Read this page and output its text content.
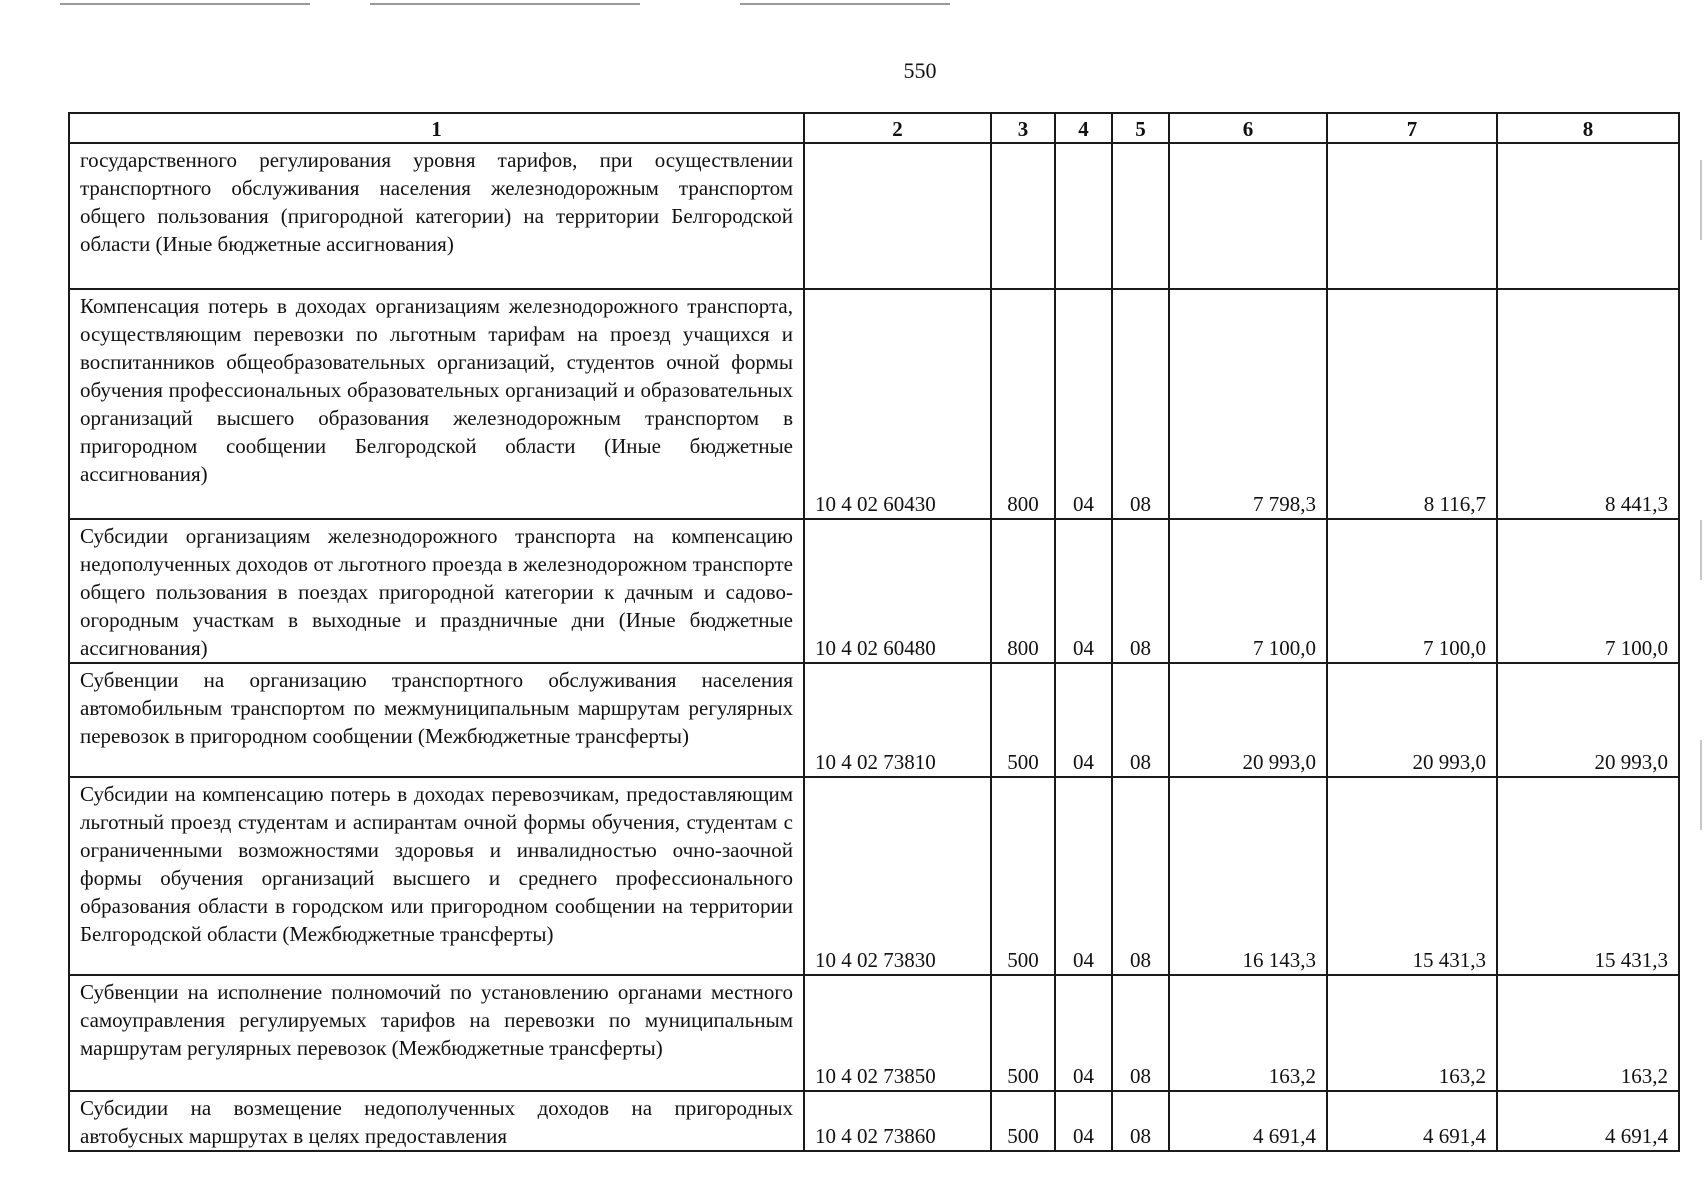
550
1	2	3	4	5	6	7	8
государственного регулирования уровня тарифов, при осуществлении транспортного обслуживания населения железнодорожным транспортом общего пользования (пригородной категории) на территории Белгородской области (Иные бюджетные ассигнования)							
Компенсация потерь в доходах организациям железнодорожного транспорта, осуществляющим перевозки по льготным тарифам на проезд учащихся и воспитанников общеобразовательных организаций, студентов очной формы обучения профессиональных образовательных организаций и образовательных организаций высшего образования железнодорожным транспортом в пригородном сообщении Белгородской области (Иные бюджетные ассигнования)	10 4 02 60430	800	04	08	7 798,3	8 116,7	8 441,3
Субсидии организациям железнодорожного транспорта на компенсацию недополученных доходов от льготного проезда в железнодорожном транспорте общего пользования в поездах пригородной категории к дачным и садово-огородным участкам в выходные и праздничные дни (Иные бюджетные ассигнования)	10 4 02 60480	800	04	08	7 100,0	7 100,0	7 100,0
Субвенции на организацию транспортного обслуживания населения автомобильным транспортом по межмуниципальным маршрутам регулярных перевозок в пригородном сообщении (Межбюджетные трансферты)	10 4 02 73810	500	04	08	20 993,0	20 993,0	20 993,0
Субсидии на компенсацию потерь в доходах перевозчикам, предоставляющим льготный проезд студентам и аспирантам очной формы обучения, студентам с ограниченными возможностями здоровья и инвалидностью очно-заочной формы обучения организаций высшего и среднего профессионального образования области в городском или пригородном сообщении на территории Белгородской области (Межбюджетные трансферты)	10 4 02 73830	500	04	08	16 143,3	15 431,3	15 431,3
Субвенции на исполнение полномочий по установлению органами местного самоуправления регулируемых тарифов на перевозки по муниципальным маршрутам регулярных перевозок (Межбюджетные трансферты)	10 4 02 73850	500	04	08	163,2	163,2	163,2
Субсидии на возмещение недополученных доходов на пригородных автобусных маршрутах в целях предоставления	10 4 02 73860	500	04	08	4 691,4	4 691,4	4 691,4
